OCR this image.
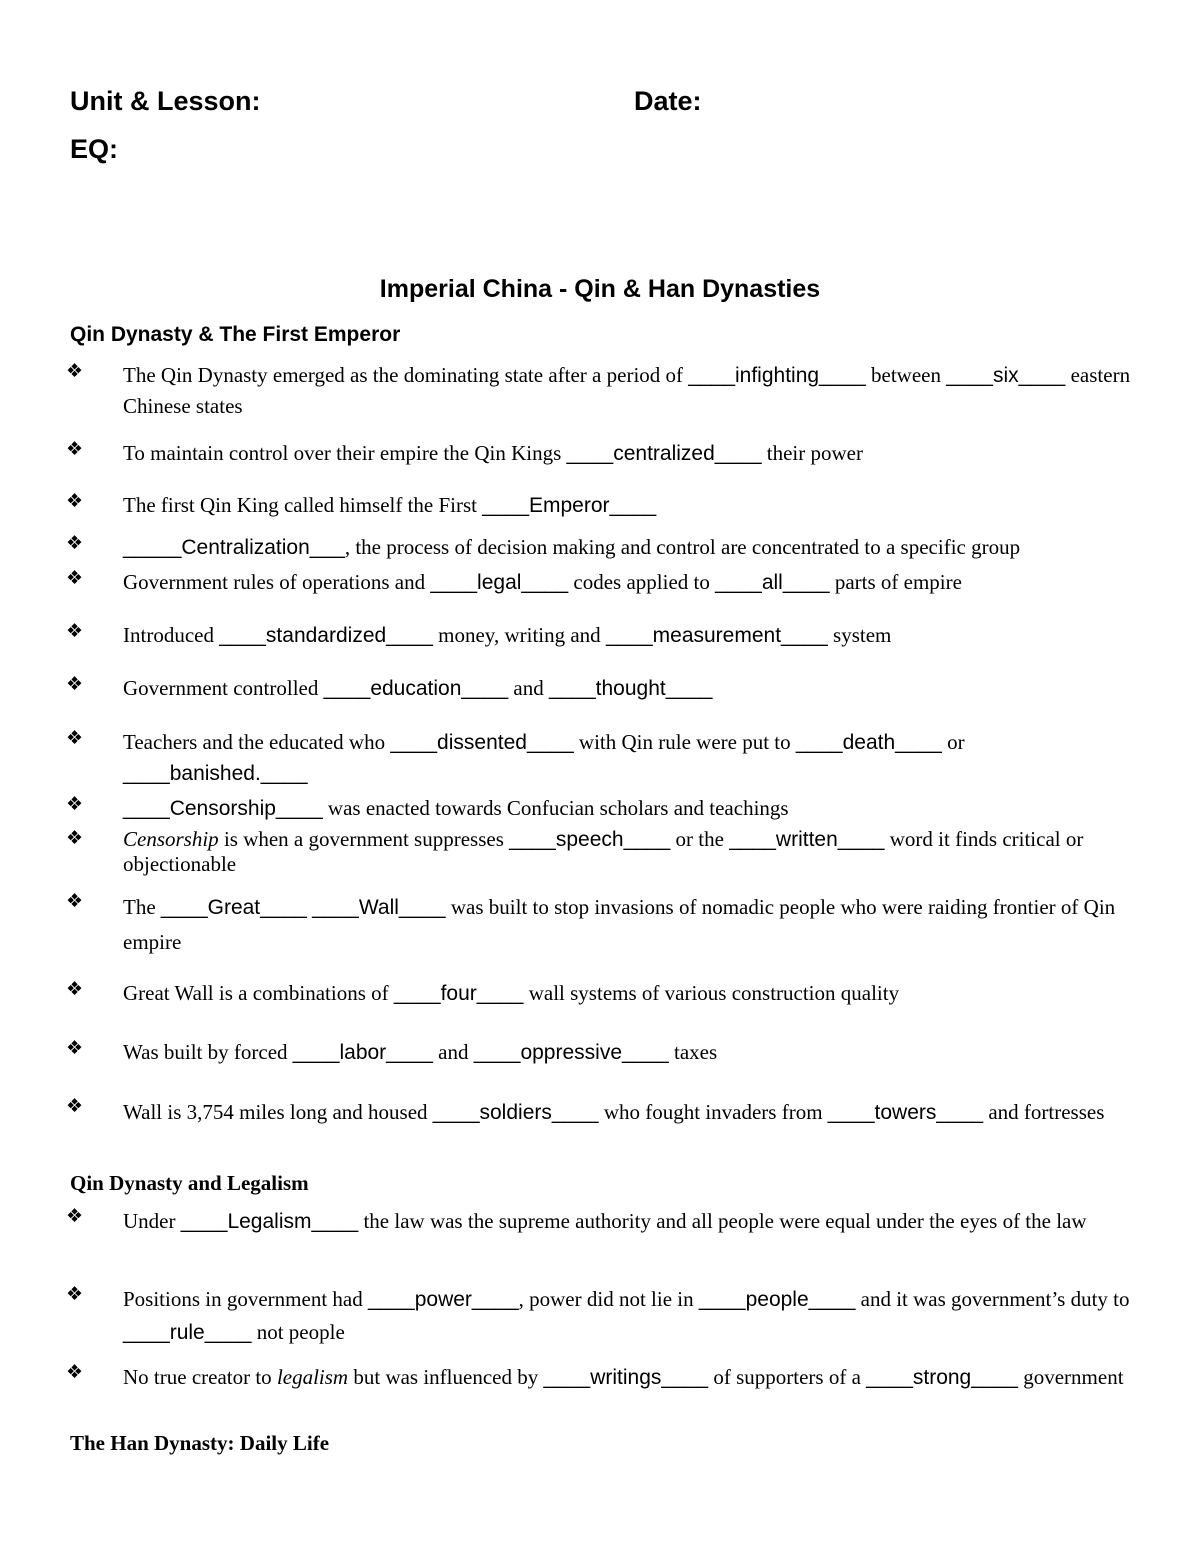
Unit & Lesson:	Date:
EQ:
Imperial China - Qin & Han Dynasties
Qin Dynasty & The First Emperor
Qin Dynasty and Legalism
The Han Dynasty: Daily Life
❖ The Qin Dynasty emerged as the dominating state after a period of ____infighting____ between ____six____ eastern Chinese states
❖ To maintain control over their empire the Qin Kings ____centralized____ their power
❖ The first Qin King called himself the First ____Emperor____
❖ _____Centralization___, the process of decision making and control are concentrated to a specific group
❖ Government rules of operations and ____legal____ codes applied to ____all____ parts of empire
❖ Introduced ____standardized____ money, writing and ____measurement____ system
❖ Government controlled ____education____ and ____thought____
❖ Teachers and the educated who ____dissented____ with Qin rule were put to ____death____ or ____banished.____
❖ ____Censorship____ was enacted towards Confucian scholars and teachings
❖ Censorship is when a government suppresses ____speech____ or the ____written____ word it finds critical or objectionable
❖ The ____Great____ ____Wall____ was built to stop invasions of nomadic people who were raiding frontier of Qin empire
❖ Great Wall is a combinations of ____four____ wall systems of various construction quality
❖ Was built by forced ____labor____ and ____oppressive____ taxes
❖ Wall is 3,754 miles long and housed ____soldiers____ who fought invaders from ____towers____ and fortresses
❖ Under ____Legalism____ the law was the supreme authority and all people were equal under the eyes of the law
❖ Positions in government had ____power____, power did not lie in ____people____ and it was government’s duty to ____rule____ not people
❖ No true creator to legalism but was influenced by ____writings____ of supporters of a ____strong____ government
